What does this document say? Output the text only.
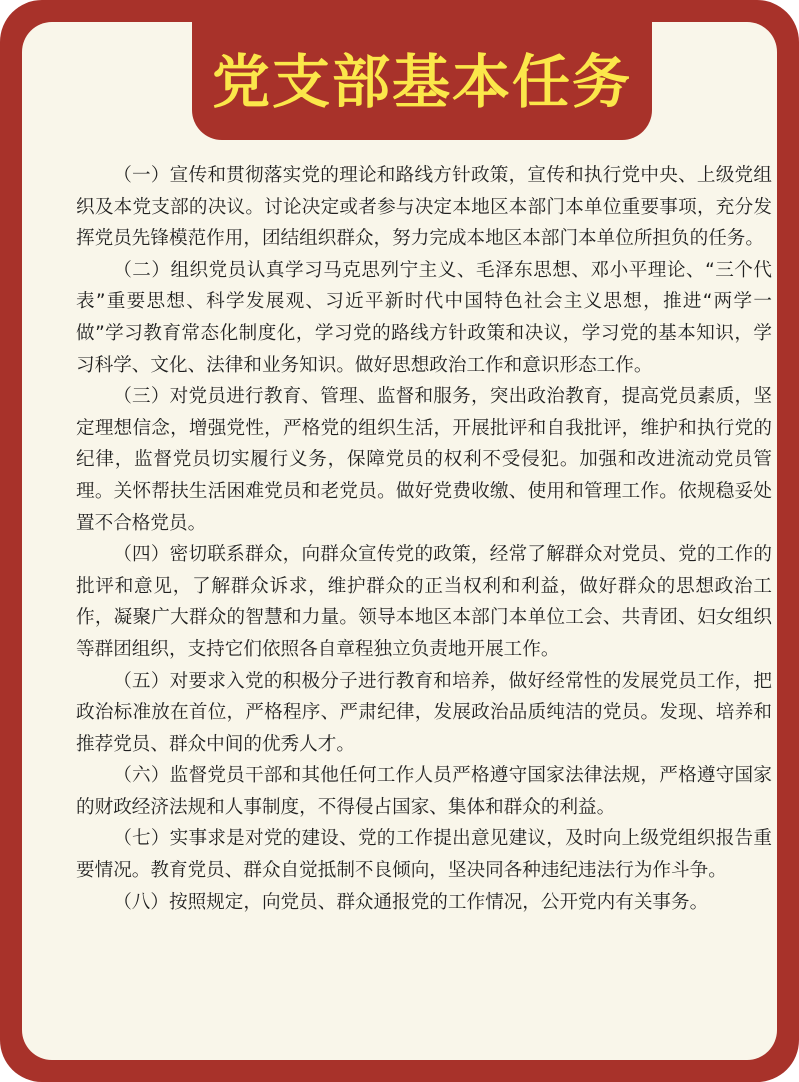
党支部基本任务

（一）宣传和贯彻落实党的理论和路线方针政策，宣传和执行党中央、上级党组织及本党支部的决议。讨论决定或者参与决定本地区本部门本单位重要事项，充分发挥党员先锋模范作用，团结组织群众，努力完成本地区本部门本单位所担负的任务。

（二）组织党员认真学习马克思列宁主义、毛泽东思想、邓小平理论、“三个代表”重要思想、科学发展观、习近平新时代中国特色社会主义思想，推进“两学一做”学习教育常态化制度化，学习党的路线方针政策和决议，学习党的基本知识，学习科学、文化、法律和业务知识。做好思想政治工作和意识形态工作。

（三）对党员进行教育、管理、监督和服务，突出政治教育，提高党员素质，坚定理想信念，增强党性，严格党的组织生活，开展批评和自我批评，维护和执行党的纪律，监督党员切实履行义务，保障党员的权利不受侵犯。加强和改进流动党员管理。关怀帮扶生活困难党员和老党员。做好党费收缴、使用和管理工作。依规稳妥处置不合格党员。

（四）密切联系群众，向群众宣传党的政策，经常了解群众对党员、党的工作的批评和意见，了解群众诉求，维护群众的正当权利和利益，做好群众的思想政治工作，凝聚广大群众的智慧和力量。领导本地区本部门本单位工会、共青团、妇女组织等群团组织，支持它们依照各自章程独立负责地开展工作。

（五）对要求入党的积极分子进行教育和培养，做好经常性的发展党员工作，把政治标准放在首位，严格程序、严肃纪律，发展政治品质纯洁的党员。发现、培养和推荐党员、群众中间的优秀人才。

（六）监督党员干部和其他任何工作人员严格遵守国家法律法规，严格遵守国家的财政经济法规和人事制度，不得侵占国家、集体和群众的利益。

（七）实事求是对党的建设、党的工作提出意见建议，及时向上级党组织报告重要情况。教育党员、群众自觉抵制不良倾向，坚决同各种违纪违法行为作斗争。

（八）按照规定，向党员、群众通报党的工作情况，公开党内有关事务。
